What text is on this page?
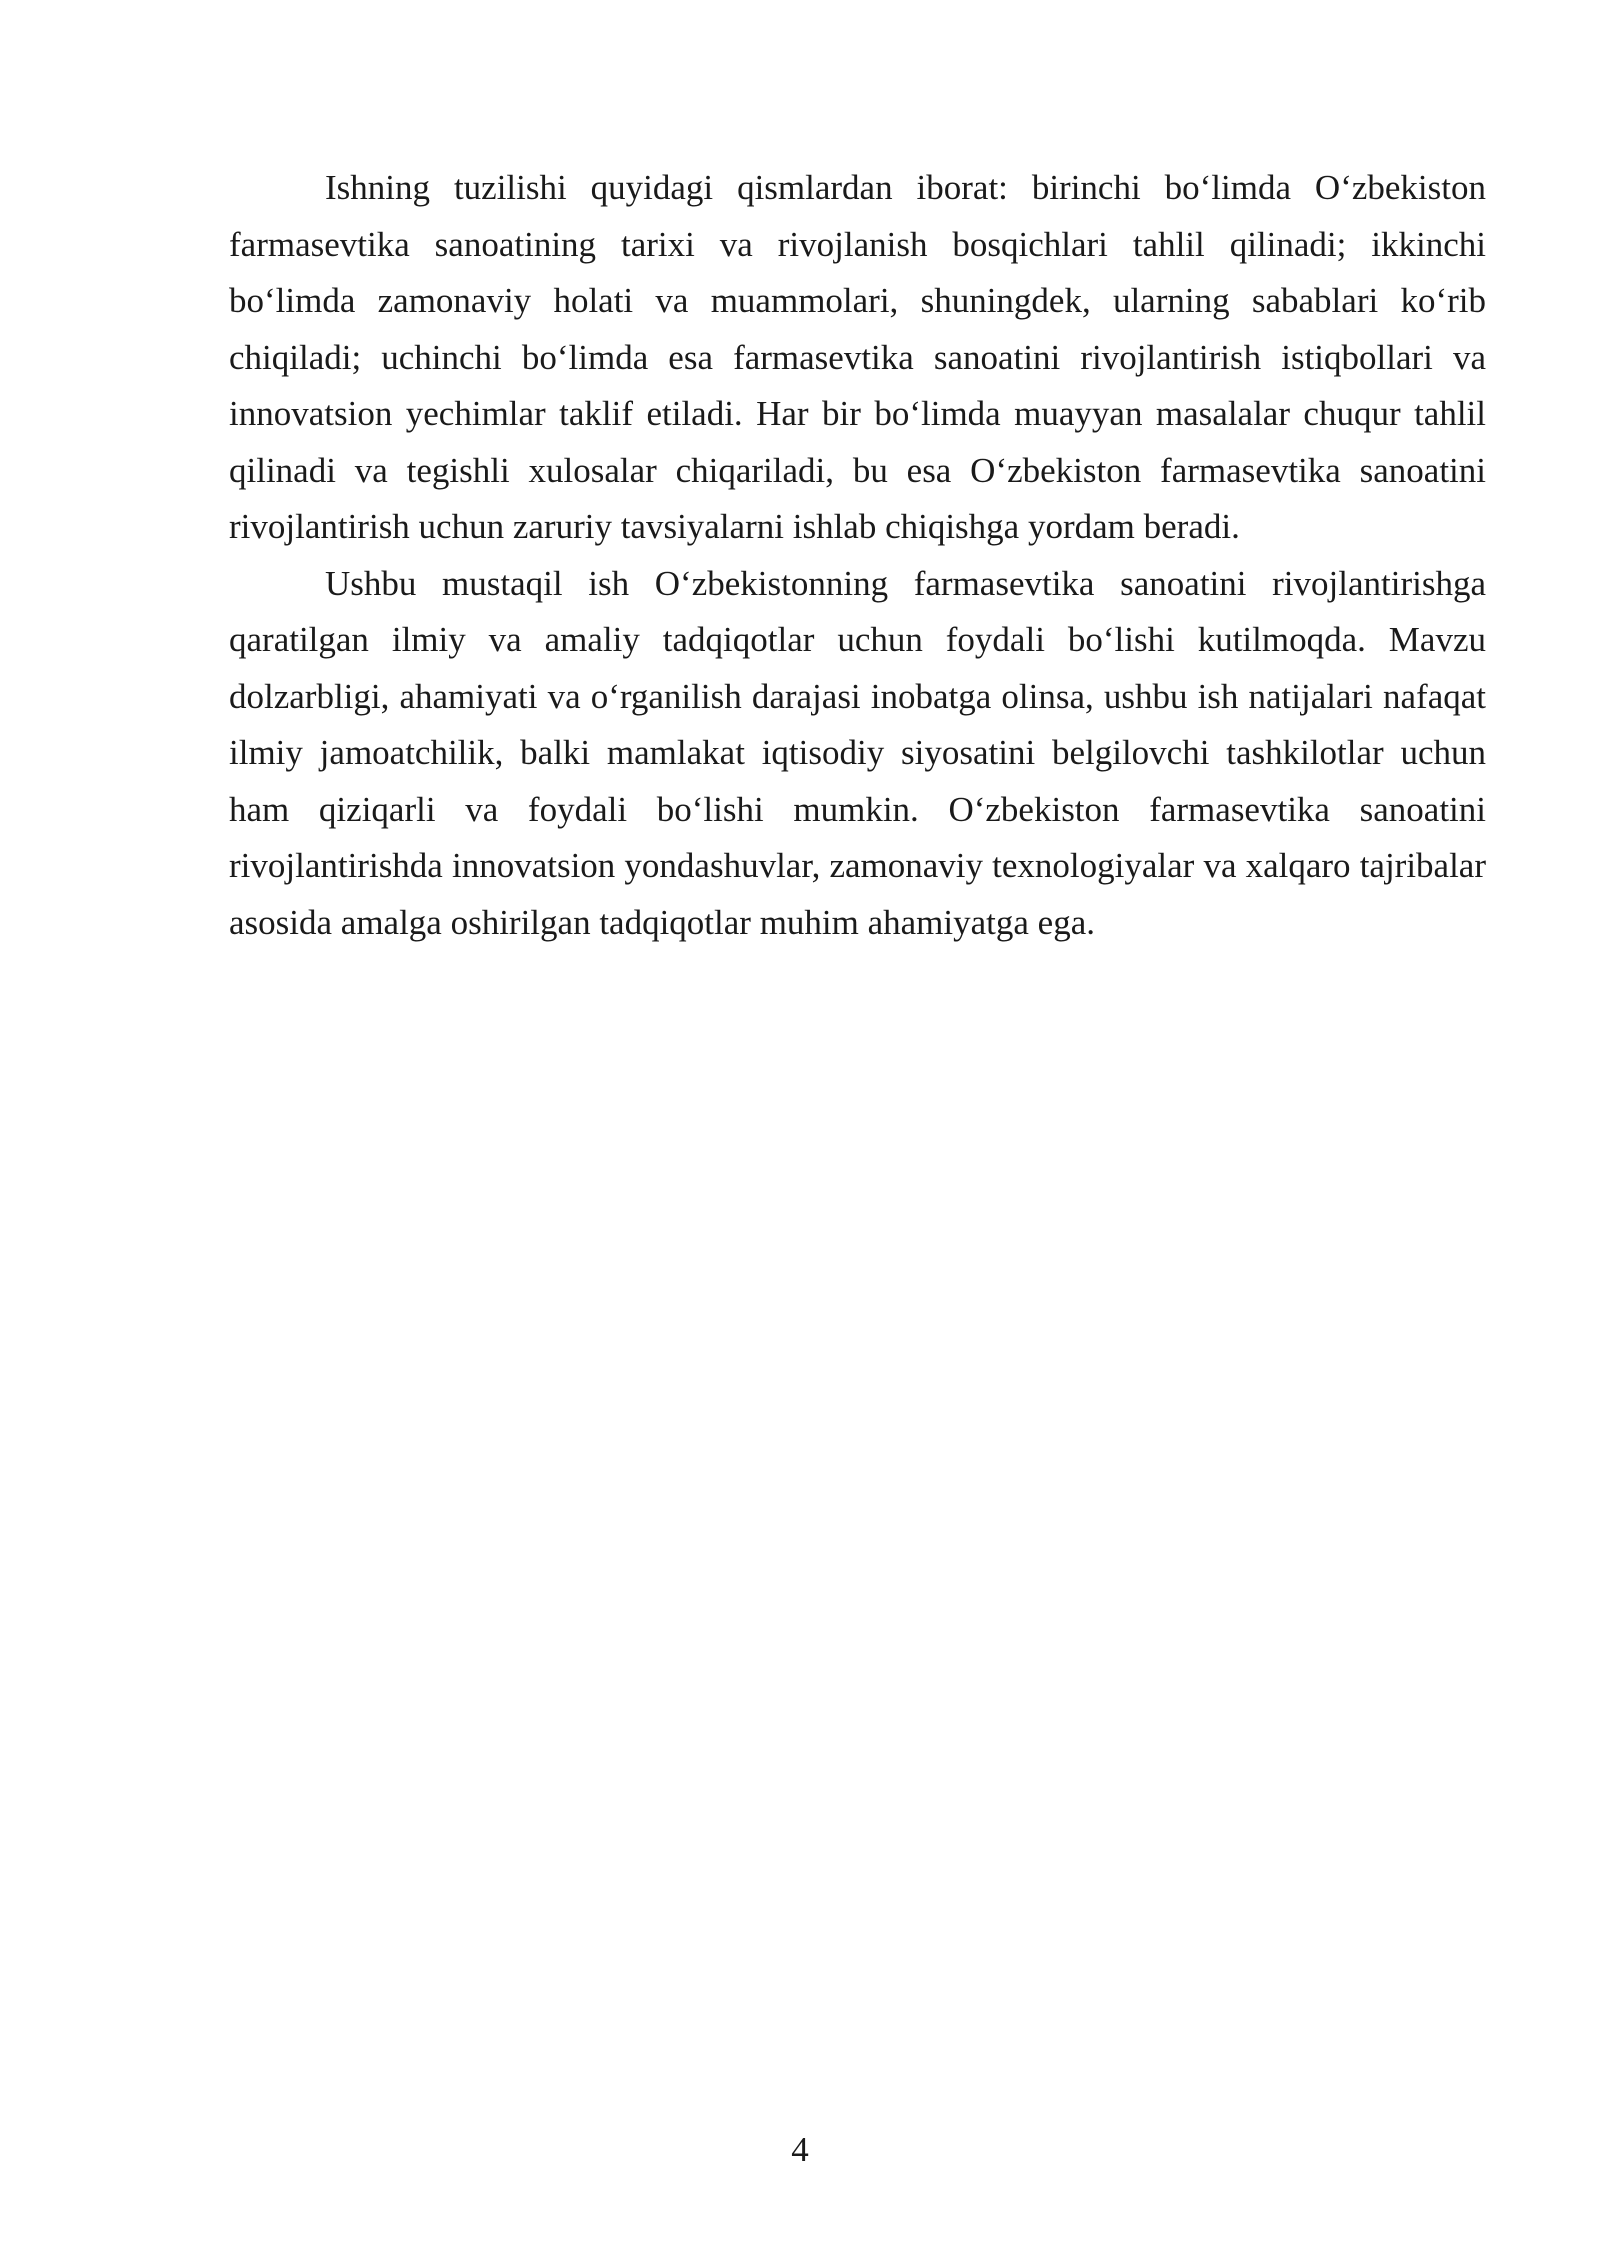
Ishning tuzilishi quyidagi qismlardan iborat: birinchi bo‘limda O‘zbekiston farmasevtika sanoatining tarixi va rivojlanish bosqichlari tahlil qilinadi; ikkinchi bo‘limda zamonaviy holati va muammolari, shuningdek, ularning sabablari ko‘rib chiqiladi; uchinchi bo‘limda esa farmasevtika sanoatini rivojlantirish istiqbollari va innovatsion yechimlar taklif etiladi. Har bir bo‘limda muayyan masalalar chuqur tahlil qilinadi va tegishli xulosalar chiqariladi, bu esa O‘zbekiston farmasevtika sanoatini rivojlantirish uchun zaruriy tavsiyalarni ishlab chiqishga yordam beradi.

Ushbu mustaqil ish O‘zbekistonning farmasevtika sanoatini rivojlantirishga qaratilgan ilmiy va amaliy tadqiqotlar uchun foydali bo‘lishi kutilmoqda. Mavzu dolzarbligi, ahamiyati va o‘rganilish darajasi inobatga olinsa, ushbu ish natijalari nafaqat ilmiy jamoatchilik, balki mamlakat iqtisodiy siyosatini belgilovchi tashkilotlar uchun ham qiziqarli va foydali bo‘lishi mumkin. O‘zbekiston farmasevtika sanoatini rivojlantirishda innovatsion yondashuvlar, zamonaviy texnologiyalar va xalqaro tajribalar asosida amalga oshirilgan tadqiqotlar muhim ahamiyatga ega.

4
